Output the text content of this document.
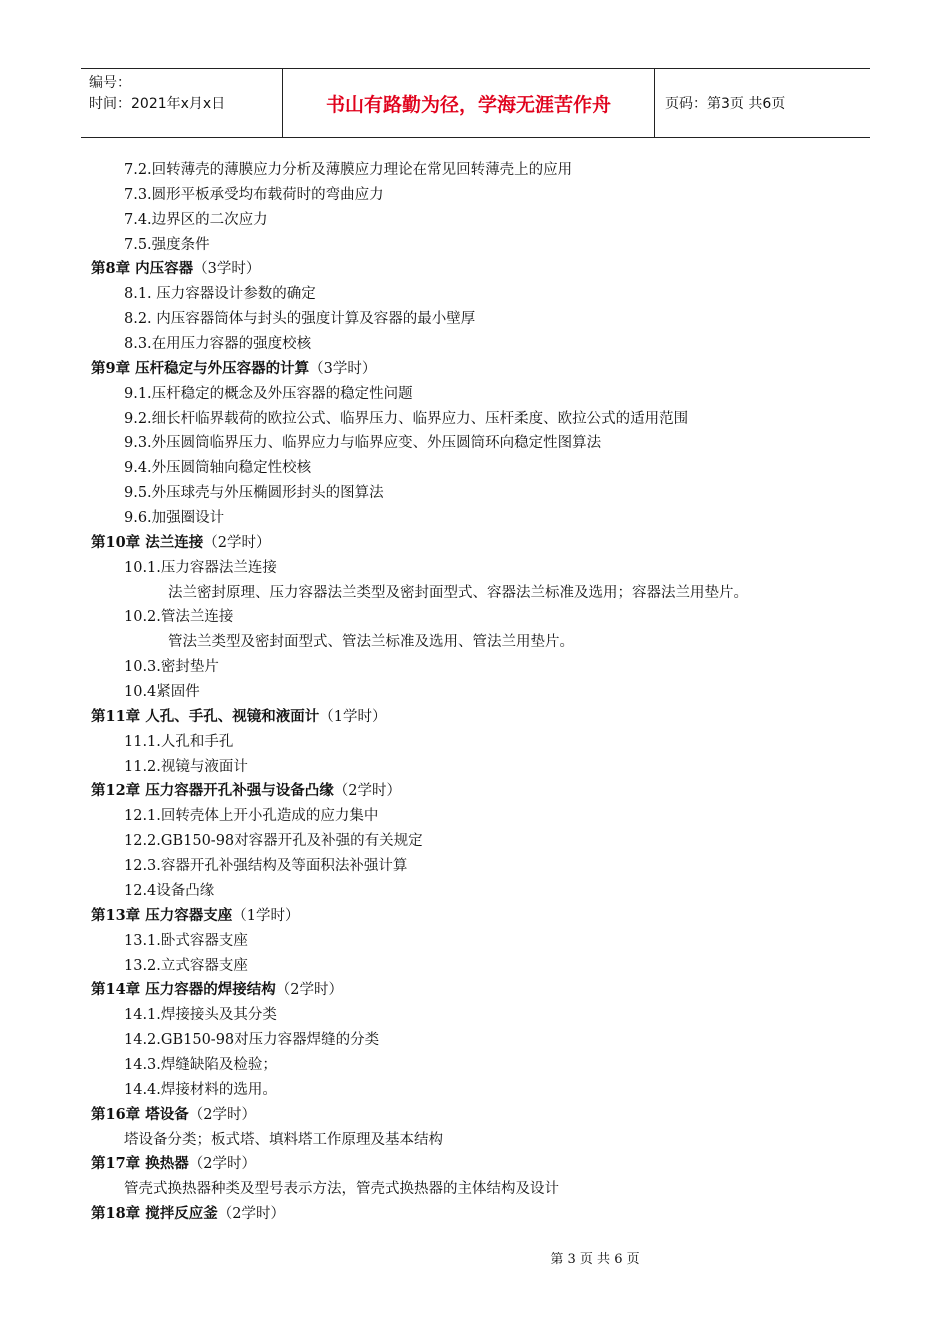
编号：
时间：2021年x月x日	书山有路勤为径，学海无涯苦作舟	页码：第3页 共6页
7.2.回转薄壳的薄膜应力分析及薄膜应力理论在常见回转薄壳上的应用
7.3.圆形平板承受均布载荷时的弯曲应力
7.4.边界区的二次应力
7.5.强度条件
第8章 内压容器（3学时）
8.1. 压力容器设计参数的确定
8.2. 内压容器筒体与封头的强度计算及容器的最小壁厚
8.3.在用压力容器的强度校核
第9章 压杆稳定与外压容器的计算（3学时）
9.1.压杆稳定的概念及外压容器的稳定性问题
9.2.细长杆临界载荷的欧拉公式、临界压力、临界应力、压杆柔度、欧拉公式的适用范围
9.3.外压圆筒临界压力、临界应力与临界应变、外压圆筒环向稳定性图算法
9.4.外压圆筒轴向稳定性校核
9.5.外压球壳与外压椭圆形封头的图算法
9.6.加强圈设计
第10章 法兰连接（2学时）
10.1.压力容器法兰连接
法兰密封原理、压力容器法兰类型及密封面型式、容器法兰标准及选用；容器法兰用垫片。
10.2.管法兰连接
管法兰类型及密封面型式、管法兰标准及选用、管法兰用垫片。
10.3.密封垫片
10.4紧固件
第11章 人孔、手孔、视镜和液面计（1学时）
11.1.人孔和手孔
11.2.视镜与液面计
第12章 压力容器开孔补强与设备凸缘（2学时）
12.1.回转壳体上开小孔造成的应力集中
12.2.GB150-98对容器开孔及补强的有关规定
12.3.容器开孔补强结构及等面积法补强计算
12.4设备凸缘
第13章 压力容器支座（1学时）
13.1.卧式容器支座
13.2.立式容器支座
第14章 压力容器的焊接结构（2学时）
14.1.焊接接头及其分类
14.2.GB150-98对压力容器焊缝的分类
14.3.焊缝缺陷及检验；
14.4.焊接材料的选用。
第16章 塔设备（2学时）
塔设备分类；板式塔、填料塔工作原理及基本结构
第17章 换热器（2学时）
管壳式换热器种类及型号表示方法，管壳式换热器的主体结构及设计
第18章 搅拌反应釜（2学时）
第 3 页 共 6 页
